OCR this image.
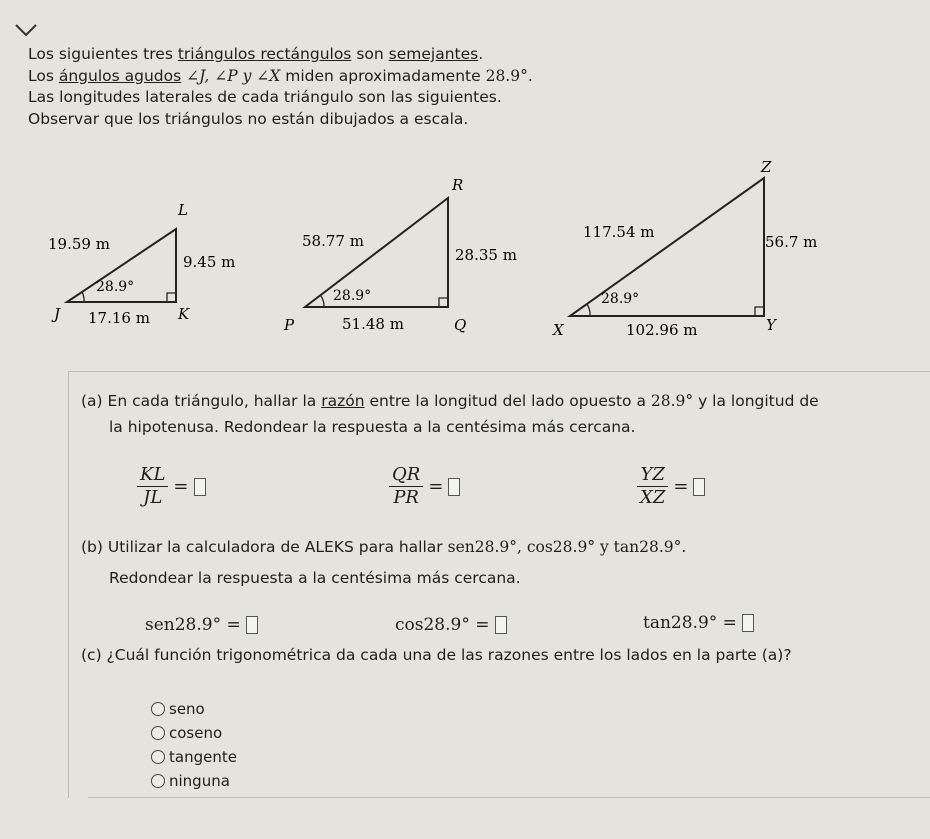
Los siguientes tres triángulos rectángulos son semejantes.

Los ángulos agudos ∠J, ∠P y ∠X miden aproximadamente 28.9°.

Las longitudes laterales de cada triángulo son las siguientes.

Observar que los triángulos no están dibujados a escala.

L
J	K
19.59 m
9.45 m
17.16 m
28.9°
R
P	Q
58.77 m
28.35 m
51.48 m
28.9°
Z
X	Y
117.54 m
56.7 m
102.96 m
28.9°
(a) En cada triángulo, hallar la razón entre la longitud del lado opuesto a 28.9° y la longitud de
la hipotenusa. Redondear la respuesta a la centésima más cercana.
KL
JL
=
QR
PR
=
YZ
XZ
=
(b) Utilizar la calculadora de ALEKS para hallar sen28.9°, cos28.9° y tan28.9°.
Redondear la respuesta a la centésima más cercana.
sen28.9° =
	cos28.9° =
	tan28.9° =

(c) ¿Cuál función trigonométrica da cada una de las razones entre los lados en la parte (a)?
seno
coseno
tangente
ninguna
